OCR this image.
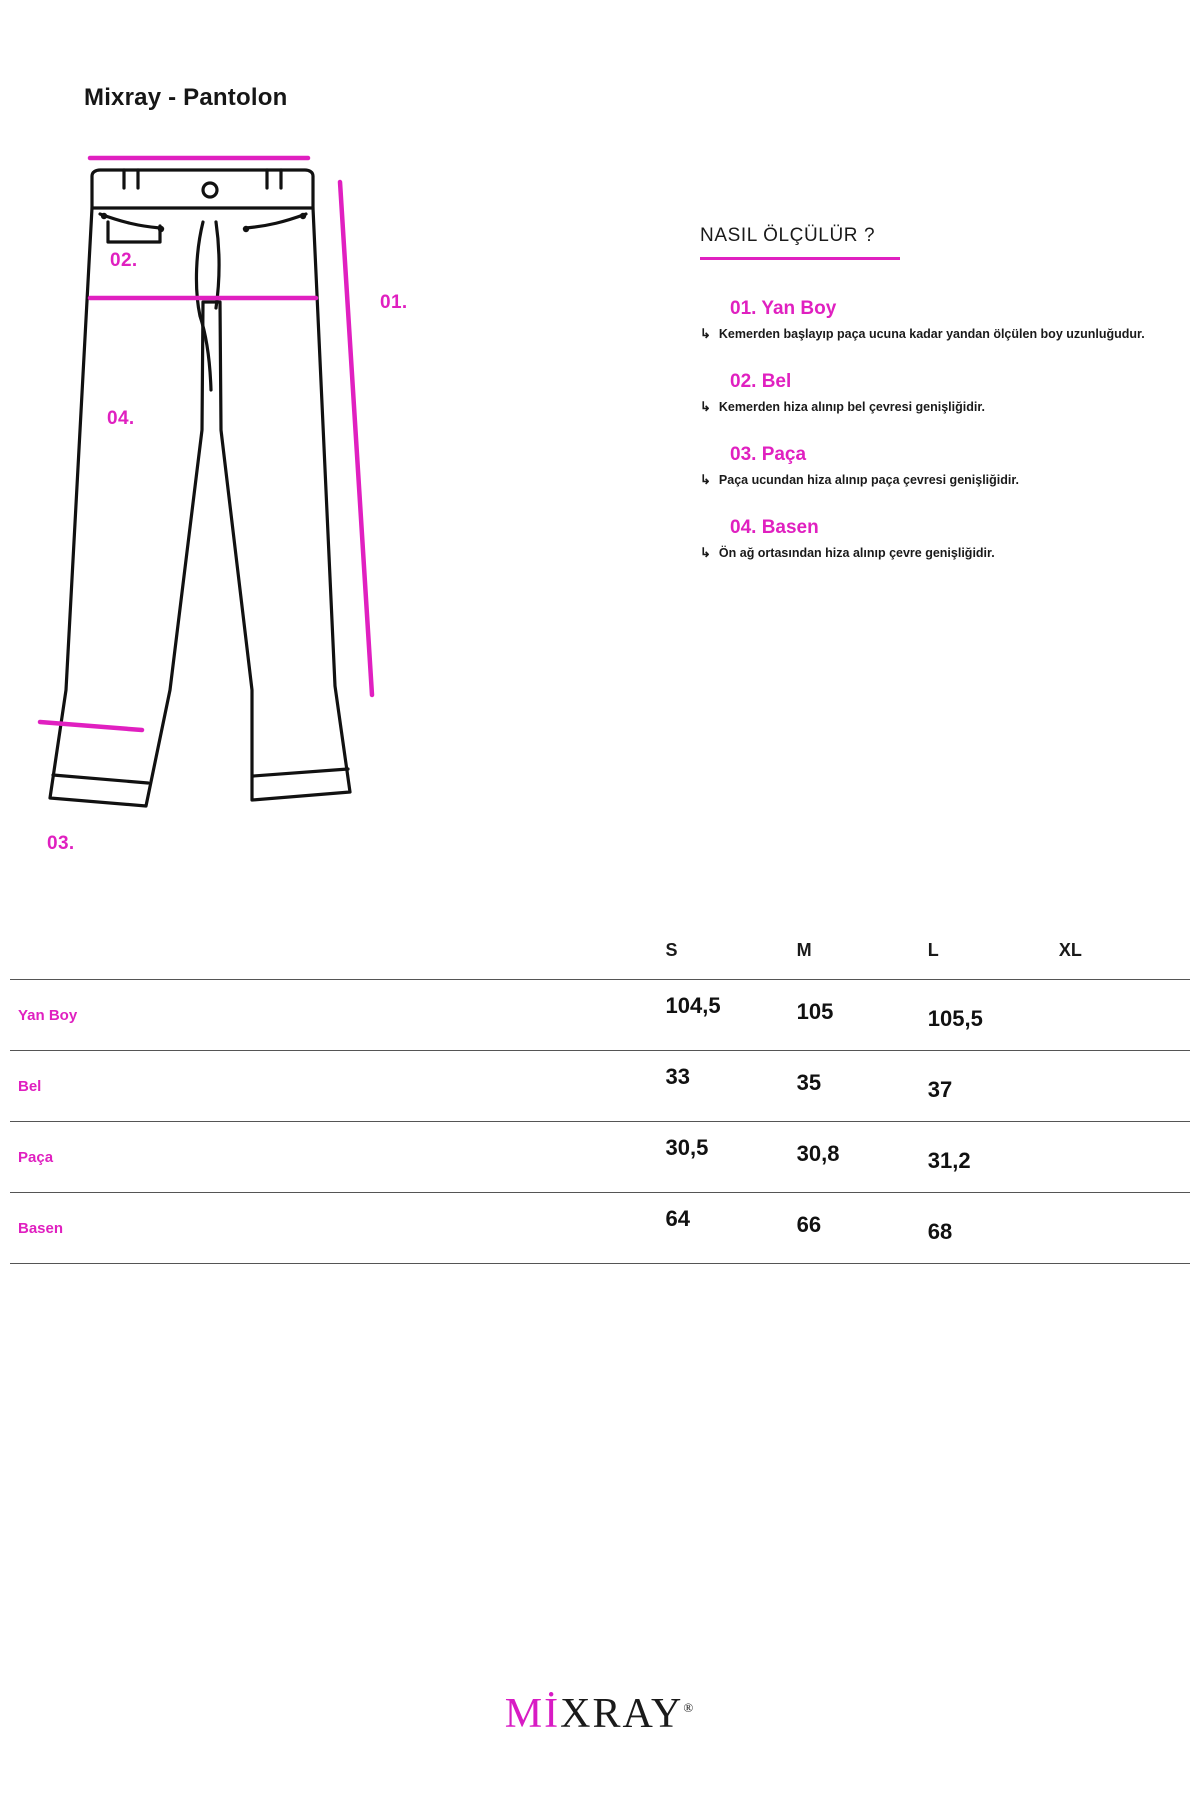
Mixray - Pantolon
02.
01.
04.
03.
NASIL ÖLÇÜLÜR ?
01. Yan Boy
↳ Kemerden başlayıp paça ucuna kadar yandan ölçülen boy uzunluğudur.
02. Bel
↳ Kemerden hiza alınıp bel çevresi genişliğidir.
03. Paça
↳ Paça ucundan hiza alınıp paça çevresi genişliğidir.
04. Basen
↳ Ön ağ ortasından hiza alınıp çevre genişliğidir.
	S	M	L	XL
Yan Boy	104,5	105	105,5	
Bel	33	35	37	
Paça	30,5	30,8	31,2	
Basen	64	66	68	
MİXRAY®
